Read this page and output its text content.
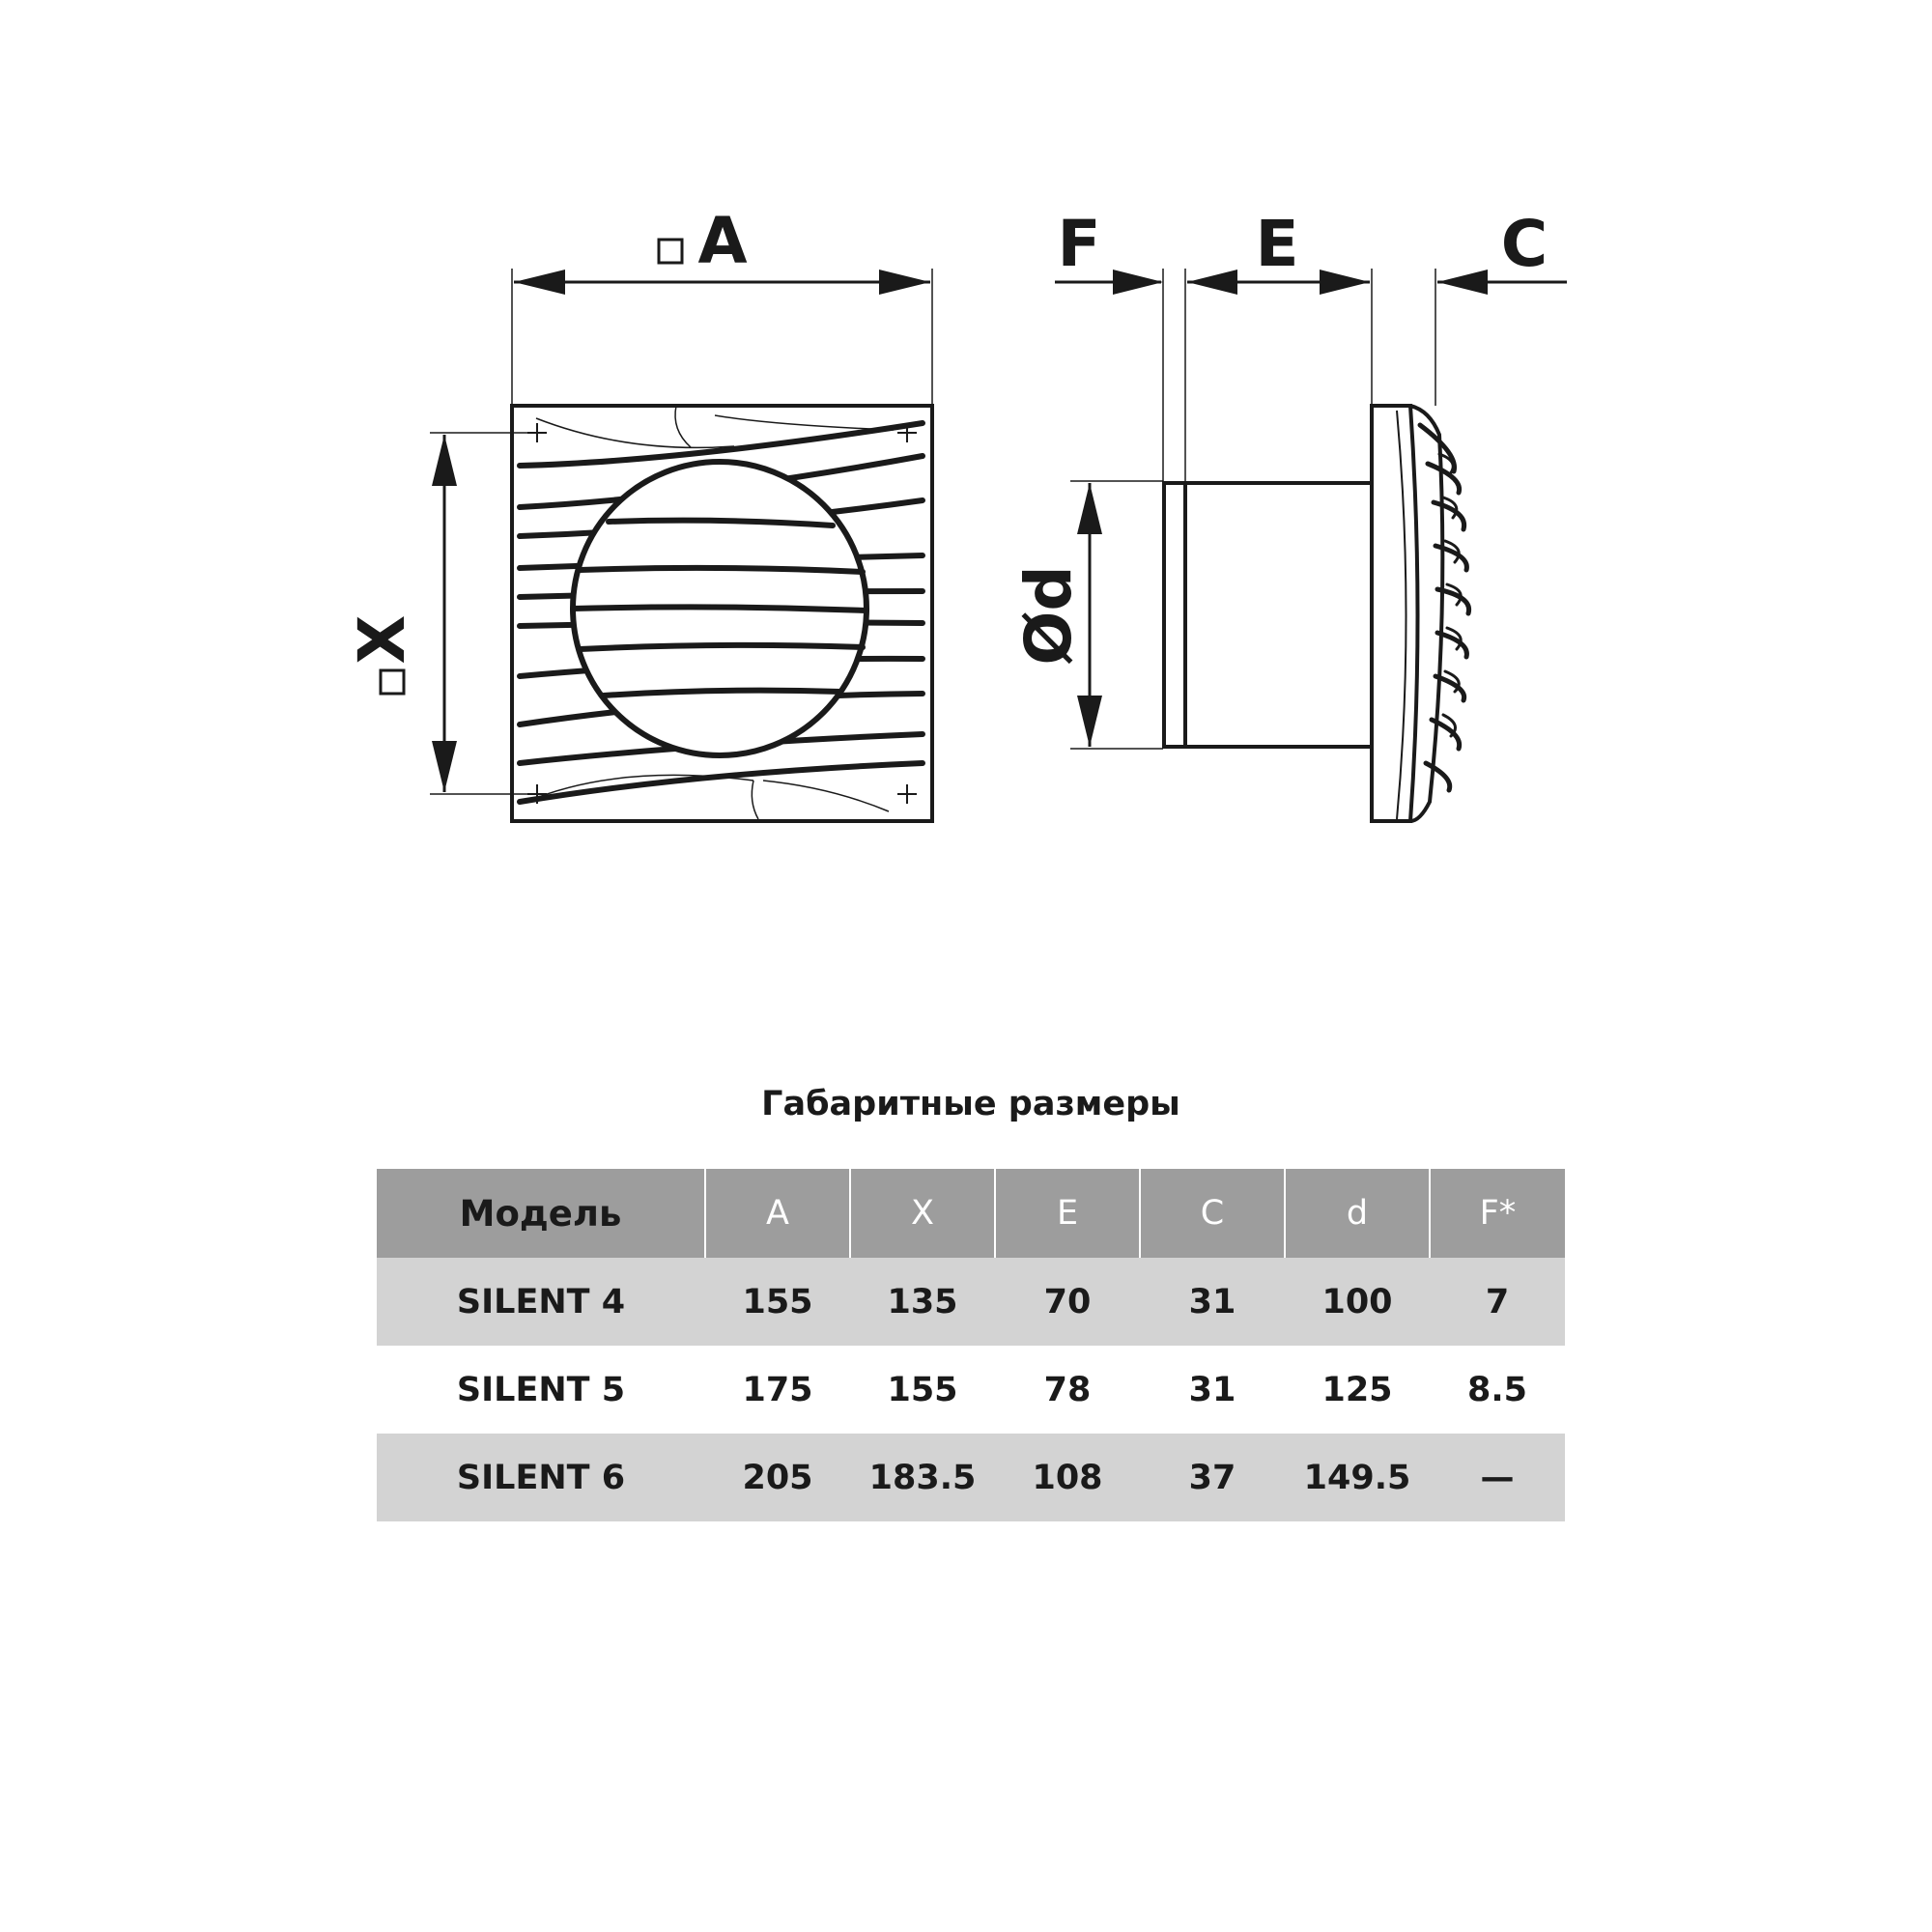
A
X
F E	C
Ød
Габаритные размеры
Модель	A	X	E	C	d	F*
SILENT 4	155	135	70	31	100	7
SILENT 5	175	155	78	31	125	8.5
SILENT 6	205	183.5	108	37	149.5	—
